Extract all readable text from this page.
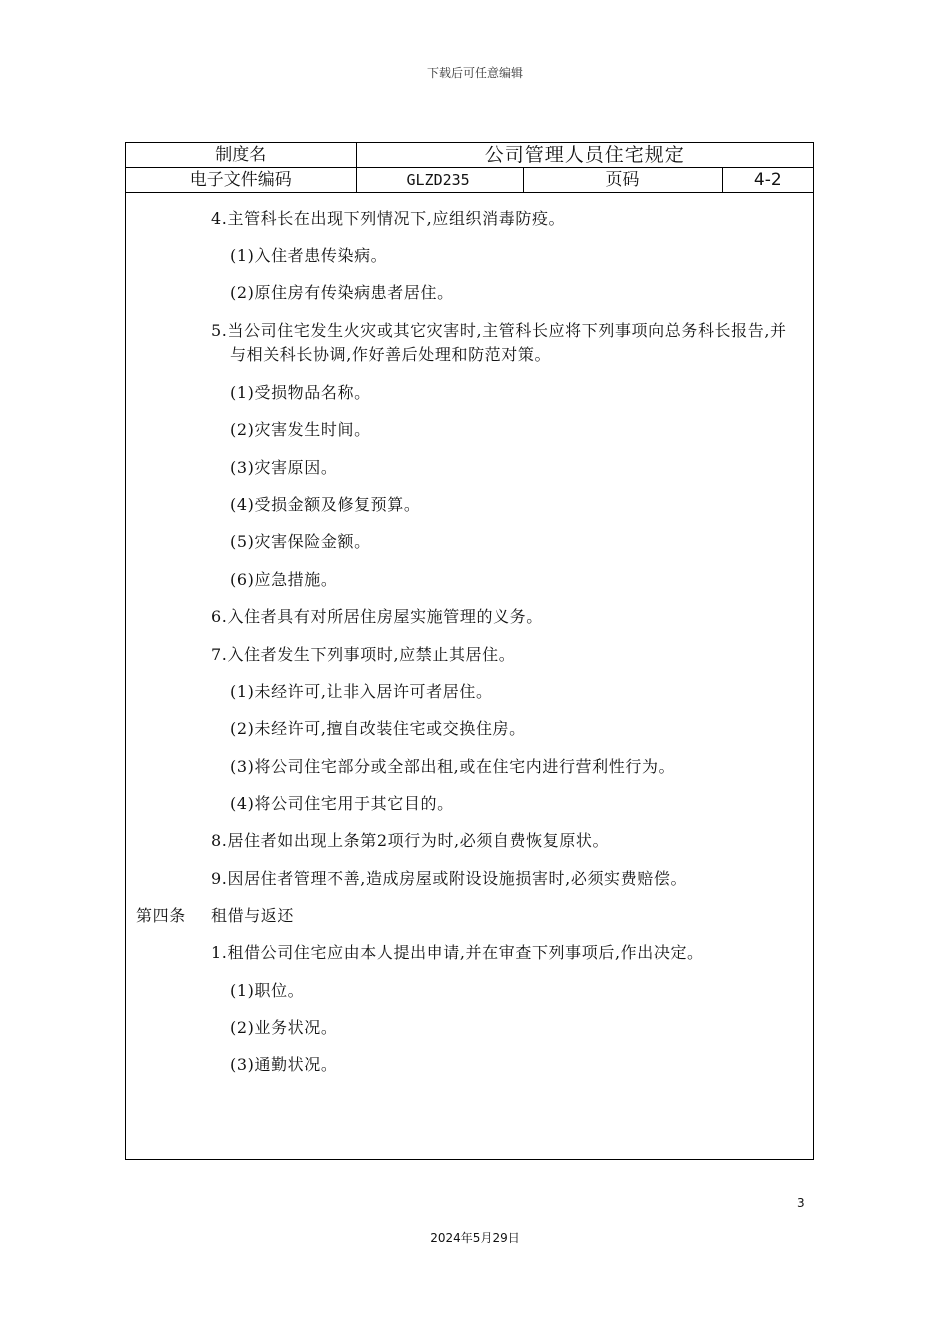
下载后可任意编辑
制度名	公司管理人员住宅规定		
电子文件编码	GLZD235	页码	4-2
4.主管科长在出现下列情况下,应组织消毒防疫。
(1)入住者患传染病。
(2)原住房有传染病患者居住。
5.当公司住宅发生火灾或其它灾害时,主管科长应将下列事项向总务科长报告,并与相关科长协调,作好善后处理和防范对策。
(1)受损物品名称。
(2)灾害发生时间。
(3)灾害原因。
(4)受损金额及修复预算。
(5)灾害保险金额。
(6)应急措施。
6.入住者具有对所居住房屋实施管理的义务。
7.入住者发生下列事项时,应禁止其居住。
(1)未经许可,让非入居许可者居住。
(2)未经许可,擅自改装住宅或交换住房。
(3)将公司住宅部分或全部出租,或在住宅内进行营利性行为。
(4)将公司住宅用于其它目的。
8.居住者如出现上条第2项行为时,必须自费恢复原状。
9.因居住者管理不善,造成房屋或附设设施损害时,必须实费赔偿。
第四条 租借与返还
1.租借公司住宅应由本人提出申请,并在审查下列事项后,作出决定。
(1)职位。
(2)业务状况。
(3)通勤状况。
3
2024年5月29日
